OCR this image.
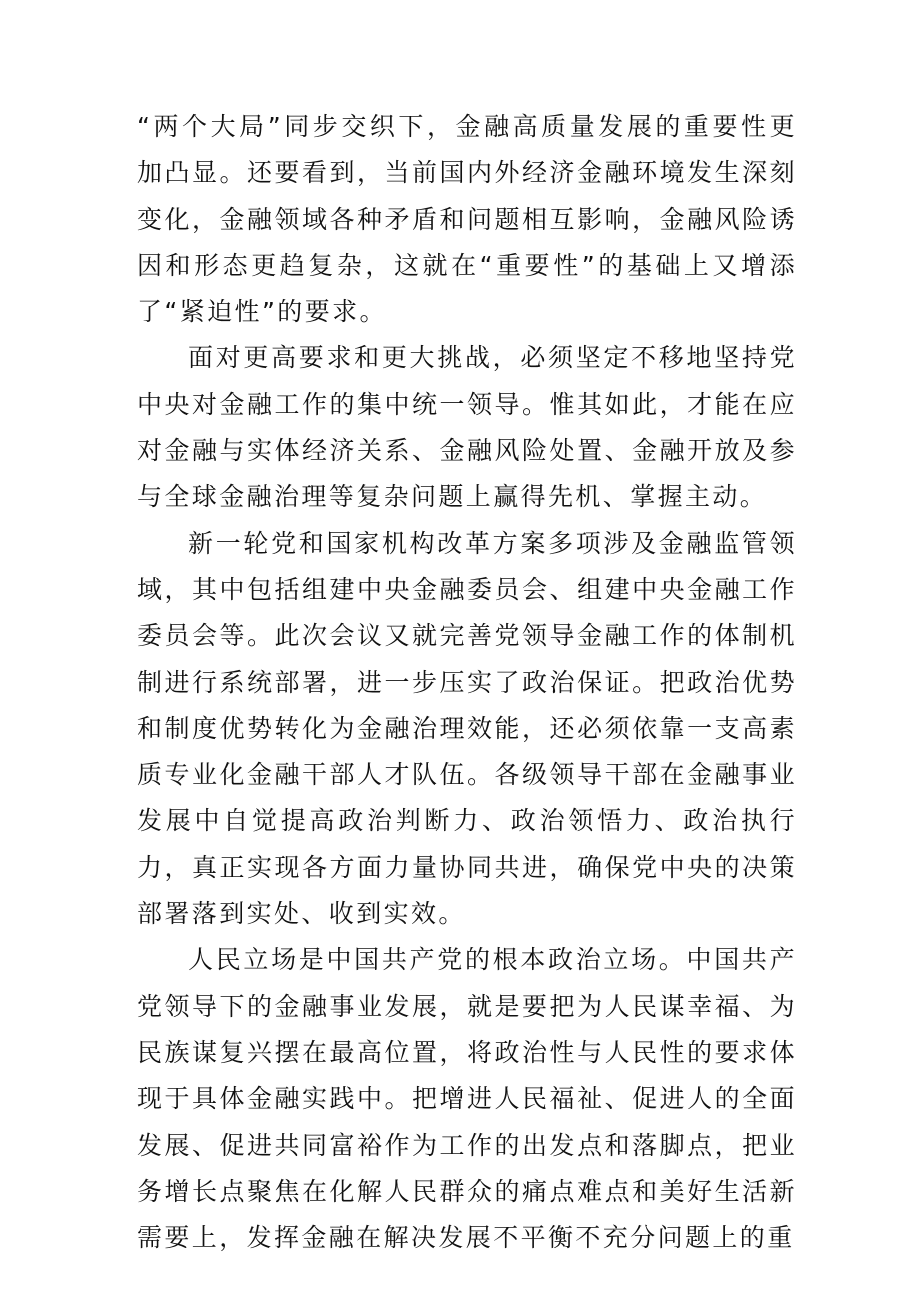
“两个大局”同步交织下，金融高质量发展的重要性更加凸显。还要看到，当前国内外经济金融环境发生深刻变化，金融领域各种矛盾和问题相互影响，金融风险诱因和形态更趋复杂，这就在“重要性”的基础上又增添了“紧迫性”的要求。

面对更高要求和更大挑战，必须坚定不移地坚持党中央对金融工作的集中统一领导。惟其如此，才能在应对金融与实体经济关系、金融风险处置、金融开放及参与全球金融治理等复杂问题上赢得先机、掌握主动。

新一轮党和国家机构改革方案多项涉及金融监管领域，其中包括组建中央金融委员会、组建中央金融工作委员会等。此次会议又就完善党领导金融工作的体制机制进行系统部署，进一步压实了政治保证。把政治优势和制度优势转化为金融治理效能，还必须依靠一支高素质专业化金融干部人才队伍。各级领导干部在金融事业发展中自觉提高政治判断力、政治领悟力、政治执行力，真正实现各方面力量协同共进，确保党中央的决策部署落到实处、收到实效。

人民立场是中国共产党的根本政治立场。中国共产党领导下的金融事业发展，就是要把为人民谋幸福、为民族谋复兴摆在最高位置，将政治性与人民性的要求体现于具体金融实践中。把增进人民福祉、促进人的全面发展、促进共同富裕作为工作的出发点和落脚点，把业务增长点聚焦在化解人民群众的痛点难点和美好生活新需要上，发挥金融在解决发展不平衡不充分问题上的重
